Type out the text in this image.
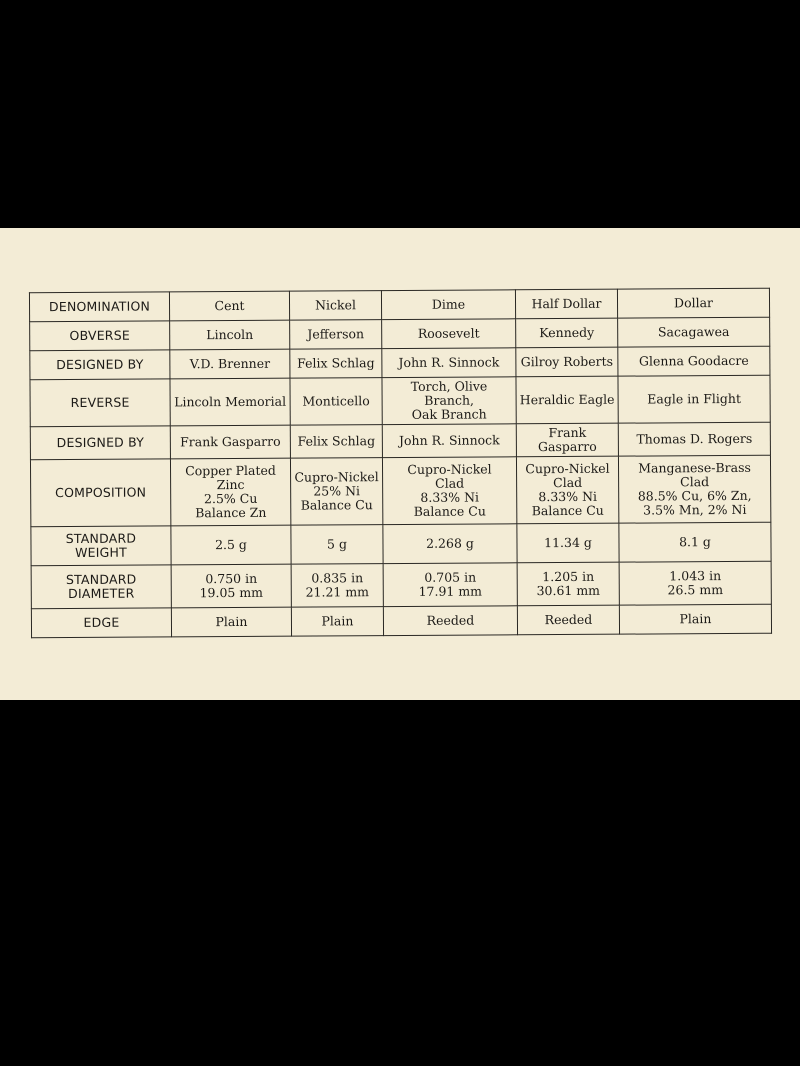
DENOMINATION	Cent	Nickel	Dime	Half Dollar	Dollar
OBVERSE	Lincoln	Jefferson	Roosevelt	Kennedy	Sacagawea
DESIGNED BY	V.D. Brenner	Felix Schlag	John R. Sinnock	Gilroy Roberts	Glenna Goodacre
REVERSE	Lincoln Memorial	Monticello	Torch, Olive Branch,
Oak Branch	Heraldic Eagle	Eagle in Flight
DESIGNED BY	Frank Gasparro	Felix Schlag	John R. Sinnock	Frank Gasparro	Thomas D. Rogers
COMPOSITION	Copper Plated
Zinc
2.5% Cu
Balance Zn	Cupro-Nickel
25% Ni
Balance Cu	Cupro-Nickel
Clad
8.33% Ni
Balance Cu	Cupro-Nickel
Clad
8.33% Ni
Balance Cu	Manganese-Brass
Clad
88.5% Cu, 6% Zn,
3.5% Mn, 2% Ni
STANDARD
WEIGHT	2.5 g	5 g	2.268 g	11.34 g	8.1 g
STANDARD
DIAMETER	0.750 in
19.05 mm	0.835 in
21.21 mm	0.705 in
17.91 mm	1.205 in
30.61 mm	1.043 in
26.5 mm
EDGE	Plain	Plain	Reeded	Reeded	Plain
